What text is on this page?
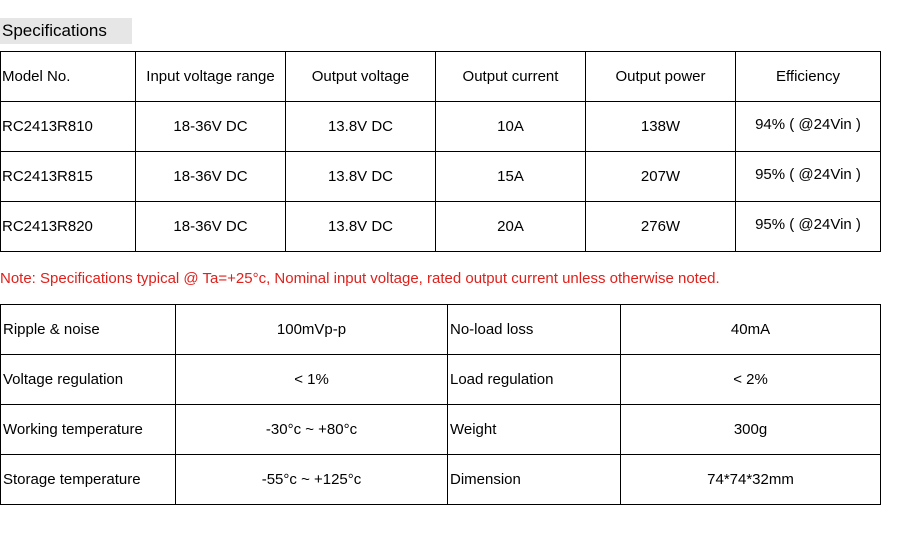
Specifications
Model No.	Input voltage range	Output voltage	Output current	Output power	Efficiency
RC2413R810	18-36V DC	13.8V DC	10A	138W	94% ( @24Vin )
RC2413R815	18-36V DC	13.8V DC	15A	207W	95% ( @24Vin )
RC2413R820	18-36V DC	13.8V DC	20A	276W	95% ( @24Vin )
Note: Specifications typical @ Ta=+25°c, Nominal input voltage, rated output current unless otherwise noted.
Ripple & noise	100mVp-p	No-load loss	40mA
Voltage regulation	< 1%	Load regulation	< 2%
Working temperature	-30°c ~ +80°c	Weight	300g
Storage temperature	-55°c ~ +125°c	Dimension	74*74*32mm
